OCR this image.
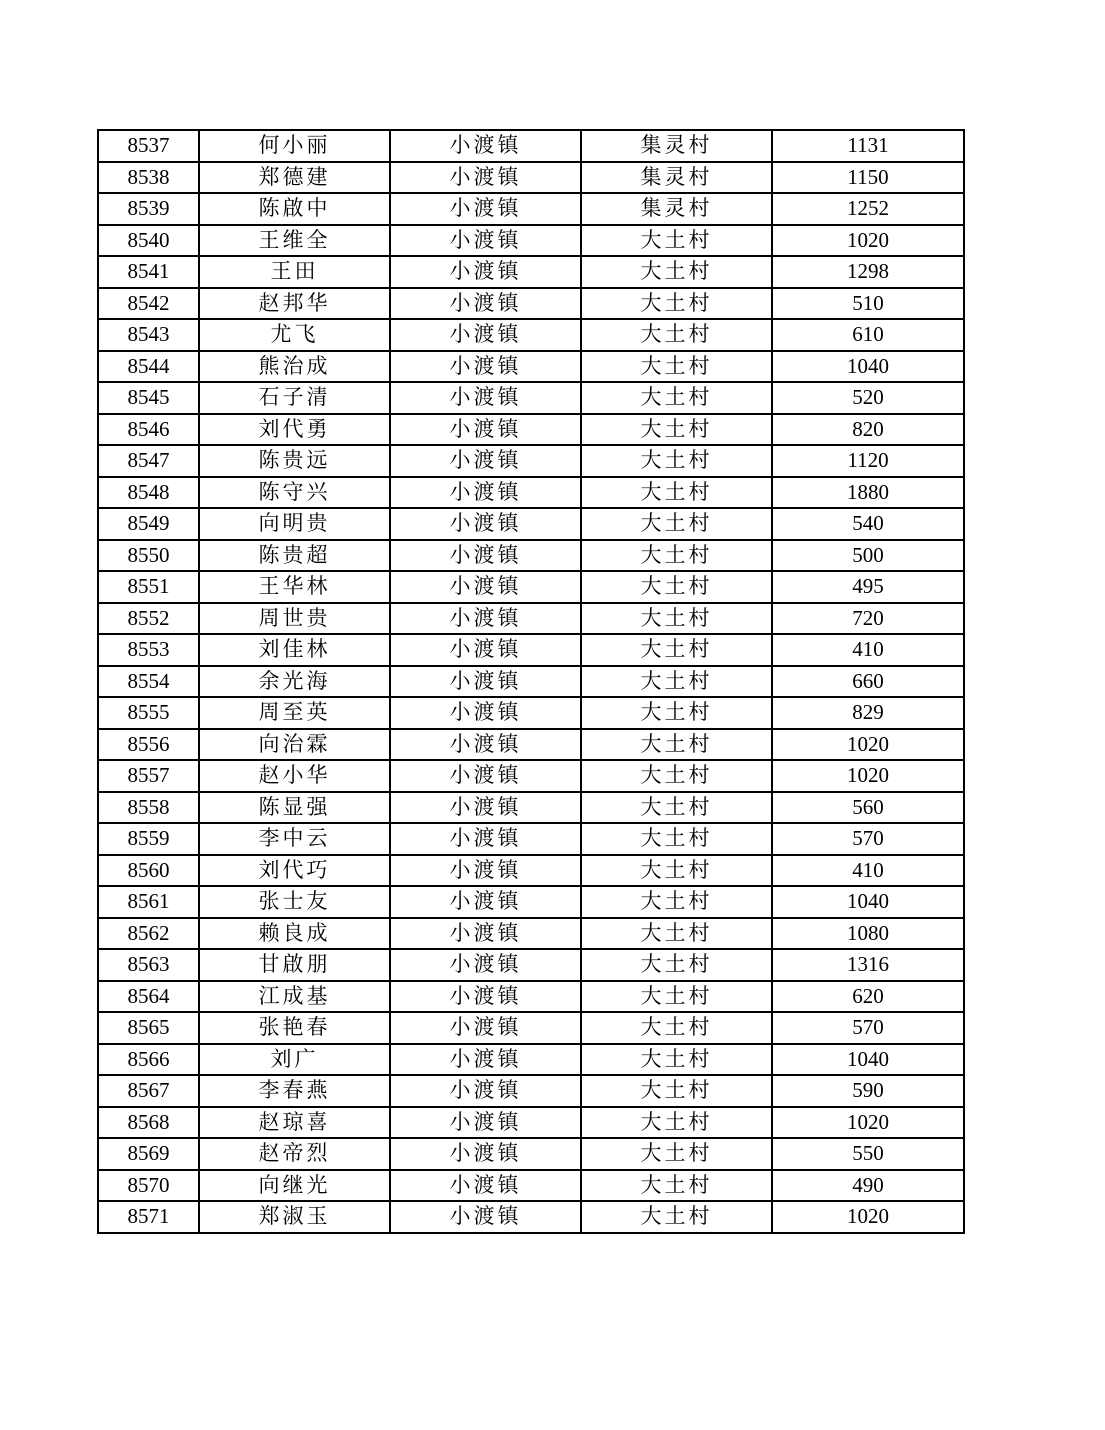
8537	何小丽	小渡镇	集灵村	1131
8538	郑德建	小渡镇	集灵村	1150
8539	陈啟中	小渡镇	集灵村	1252
8540	王维全	小渡镇	大土村	1020
8541	王田	小渡镇	大土村	1298
8542	赵邦华	小渡镇	大土村	510
8543	尤飞	小渡镇	大土村	610
8544	熊治成	小渡镇	大土村	1040
8545	石子清	小渡镇	大土村	520
8546	刘代勇	小渡镇	大土村	820
8547	陈贵远	小渡镇	大土村	1120
8548	陈守兴	小渡镇	大土村	1880
8549	向明贵	小渡镇	大土村	540
8550	陈贵超	小渡镇	大土村	500
8551	王华林	小渡镇	大土村	495
8552	周世贵	小渡镇	大土村	720
8553	刘佳林	小渡镇	大土村	410
8554	余光海	小渡镇	大土村	660
8555	周至英	小渡镇	大土村	829
8556	向治霖	小渡镇	大土村	1020
8557	赵小华	小渡镇	大土村	1020
8558	陈显强	小渡镇	大土村	560
8559	李中云	小渡镇	大土村	570
8560	刘代巧	小渡镇	大土村	410
8561	张士友	小渡镇	大土村	1040
8562	赖良成	小渡镇	大土村	1080
8563	甘啟朋	小渡镇	大土村	1316
8564	江成基	小渡镇	大土村	620
8565	张艳春	小渡镇	大土村	570
8566	刘广	小渡镇	大土村	1040
8567	李春燕	小渡镇	大土村	590
8568	赵琼喜	小渡镇	大土村	1020
8569	赵帝烈	小渡镇	大土村	550
8570	向继光	小渡镇	大土村	490
8571	郑淑玉	小渡镇	大土村	1020
